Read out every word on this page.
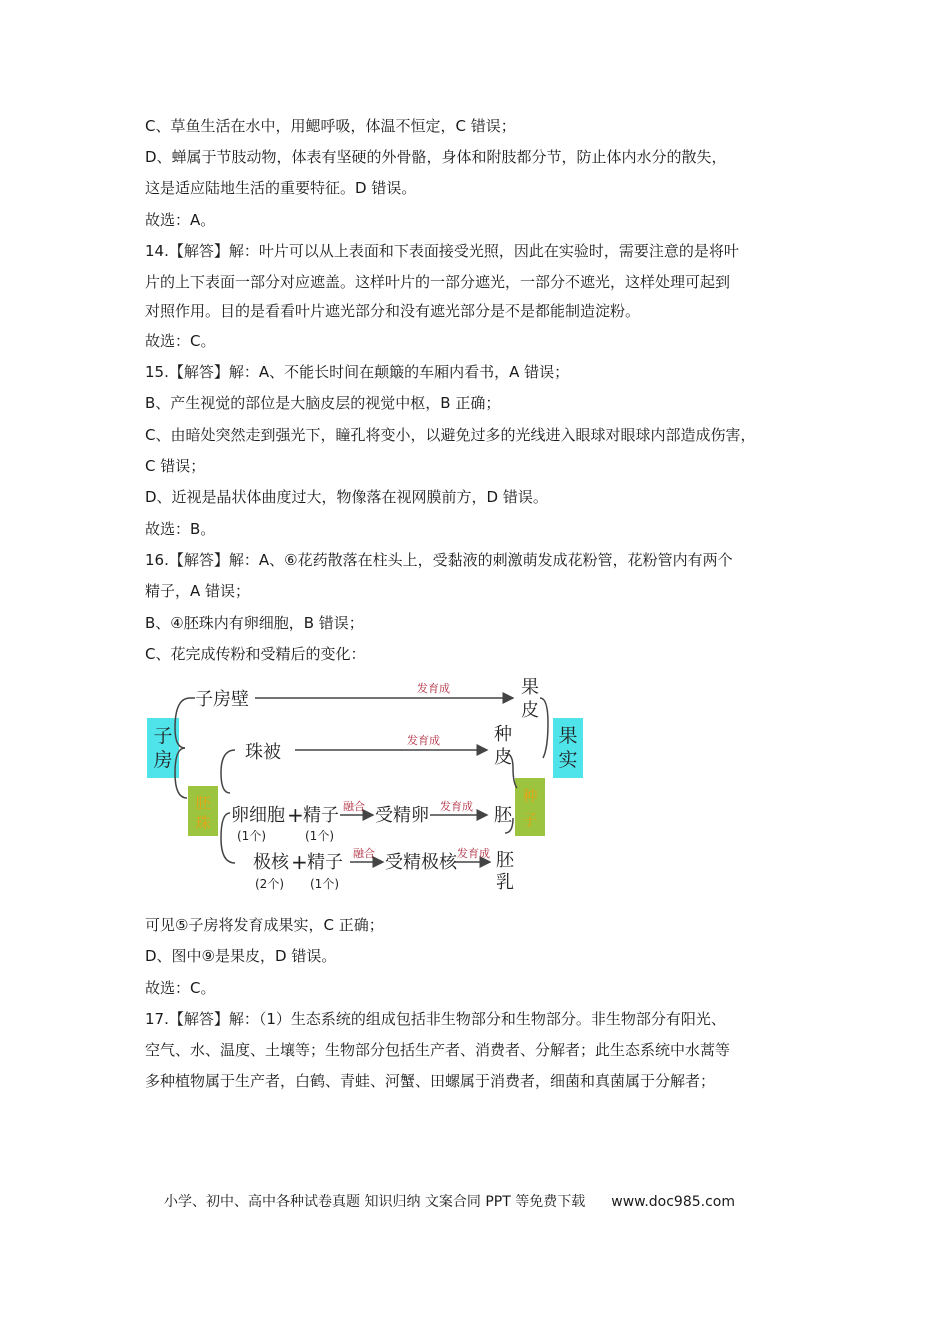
C、草鱼生活在水中，用鳃呼吸，体温不恒定，C 错误；
D、蝉属于节肢动物，体表有坚硬的外骨骼，身体和附肢都分节，防止体内水分的散失，
这是适应陆地生活的重要特征。D 错误。
故选：A。
14.【解答】解：叶片可以从上表面和下表面接受光照，因此在实验时，需要注意的是将叶
片的上下表面一部分对应遮盖。这样叶片的一部分遮光，一部分不遮光，这样处理可起到
对照作用。目的是看看叶片遮光部分和没有遮光部分是不是都能制造淀粉。
故选：C。
15.【解答】解：A、不能长时间在颠簸的车厢内看书，A 错误；
B、产生视觉的部位是大脑皮层的视觉中枢，B 正确；
C、由暗处突然走到强光下，瞳孔将变小，以避免过多的光线进入眼球对眼球内部造成伤害，
C 错误；
D、近视是晶状体曲度过大，物像落在视网膜前方，D 错误。
故选：B。
16.【解答】解：A、⑥花药散落在柱头上，受黏液的刺激萌发成花粉管，花粉管内有两个
精子，A 错误；
B、④胚珠内有卵细胞，B 错误；
C、花完成传粉和受精后的变化：
子
房
子房壁
胚
珠
珠被
卵细胞 + 精子
(1个)	(1个)
融合 受精卵
极核 + 精子
(2个) (1个)
融合 受精极核
发育成
发育成
发育成
发育成
果
皮
种
皮
胚
胚
乳
种
子
果
实
可见⑤子房将发育成果实，C 正确；
D、图中⑨是果皮，D 错误。
故选：C。
17.【解答】解：（1）生态系统的组成包括非生物部分和生物部分。非生物部分有阳光、
空气、水、温度、土壤等；生物部分包括生产者、消费者、分解者；此生态系统中水蒿等
多种植物属于生产者，白鹤、青蛙、河蟹、田螺属于消费者，细菌和真菌属于分解者；
小学、初中、高中各种试卷真题 知识归纳 文案合同 PPT 等免费下载 www.doc985.com
